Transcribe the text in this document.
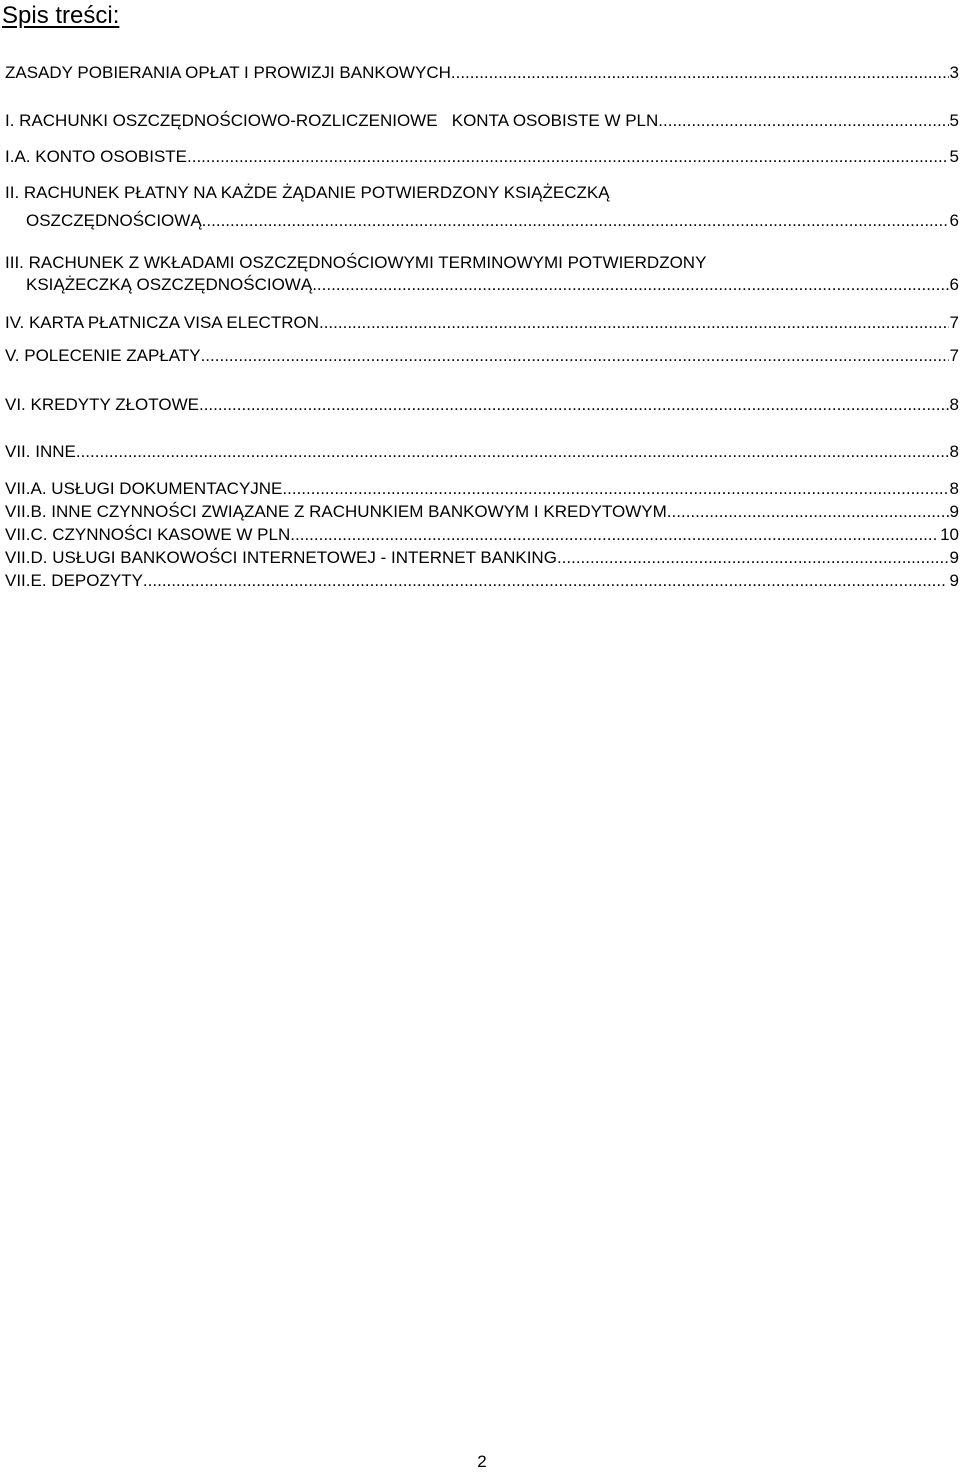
Spis treści:
ZASADY POBIERANIA OPŁAT I PROWIZJI BANKOWYCH .....	3
I. RACHUNKI OSZCZĘDNOŚCIOWO-ROZLICZENIOWE   KONTA OSOBISTE W PLN .....	5
I.A. KONTO OSOBISTE .....	5
II. RACHUNEK PŁATNY NA KAŻDE ŻĄDANIE POTWIERDZONY KSIĄŻECZKĄ
OSZCZĘDNOŚCIOWĄ .....	6
III. RACHUNEK Z WKŁADAMI OSZCZĘDNOŚCIOWYMI TERMINOWYMI POTWIERDZONY
KSIĄŻECZKĄ OSZCZĘDNOŚCIOWĄ .....	6
IV. KARTA PŁATNICZA VISA ELECTRON .....	7
V. POLECENIE ZAPŁATY .....	7
VI. KREDYTY ZŁOTOWE .....	8
VII. INNE .....	8
VII.A. USŁUGI DOKUMENTACYJNE .....	8
VII.B. INNE CZYNNOŚCI ZWIĄZANE Z RACHUNKIEM BANKOWYM I KREDYTOWYM .....	9
VII.C. CZYNNOŚCI KASOWE W PLN .....	10
VII.D. USŁUGI BANKOWOŚCI INTERNETOWEJ - INTERNET BANKING .....	9
VII.E. DEPOZYTY .....	9
2
